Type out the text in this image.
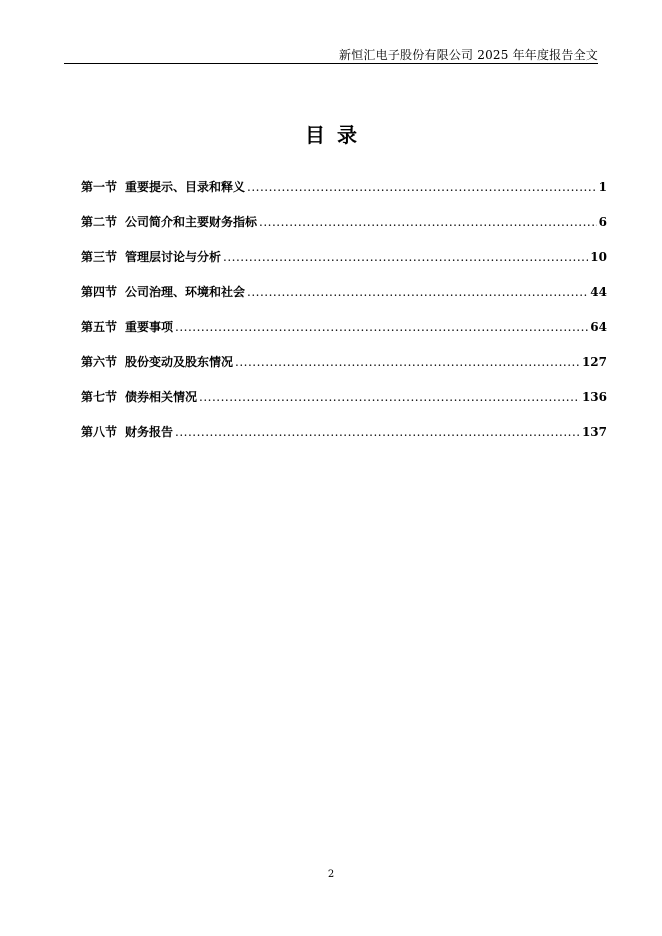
新恒汇电子股份有限公司 2025 年年度报告全文
目录
第一节 重要提示、目录和释义 .....	1
第二节 公司简介和主要财务指标 .....	6
第三节 管理层讨论与分析 .....	10
第四节 公司治理、环境和社会 .....	44
第五节 重要事项 .....	64
第六节 股份变动及股东情况 .....	127
第七节 债券相关情况 .....	136
第八节 财务报告 .....	137
2
